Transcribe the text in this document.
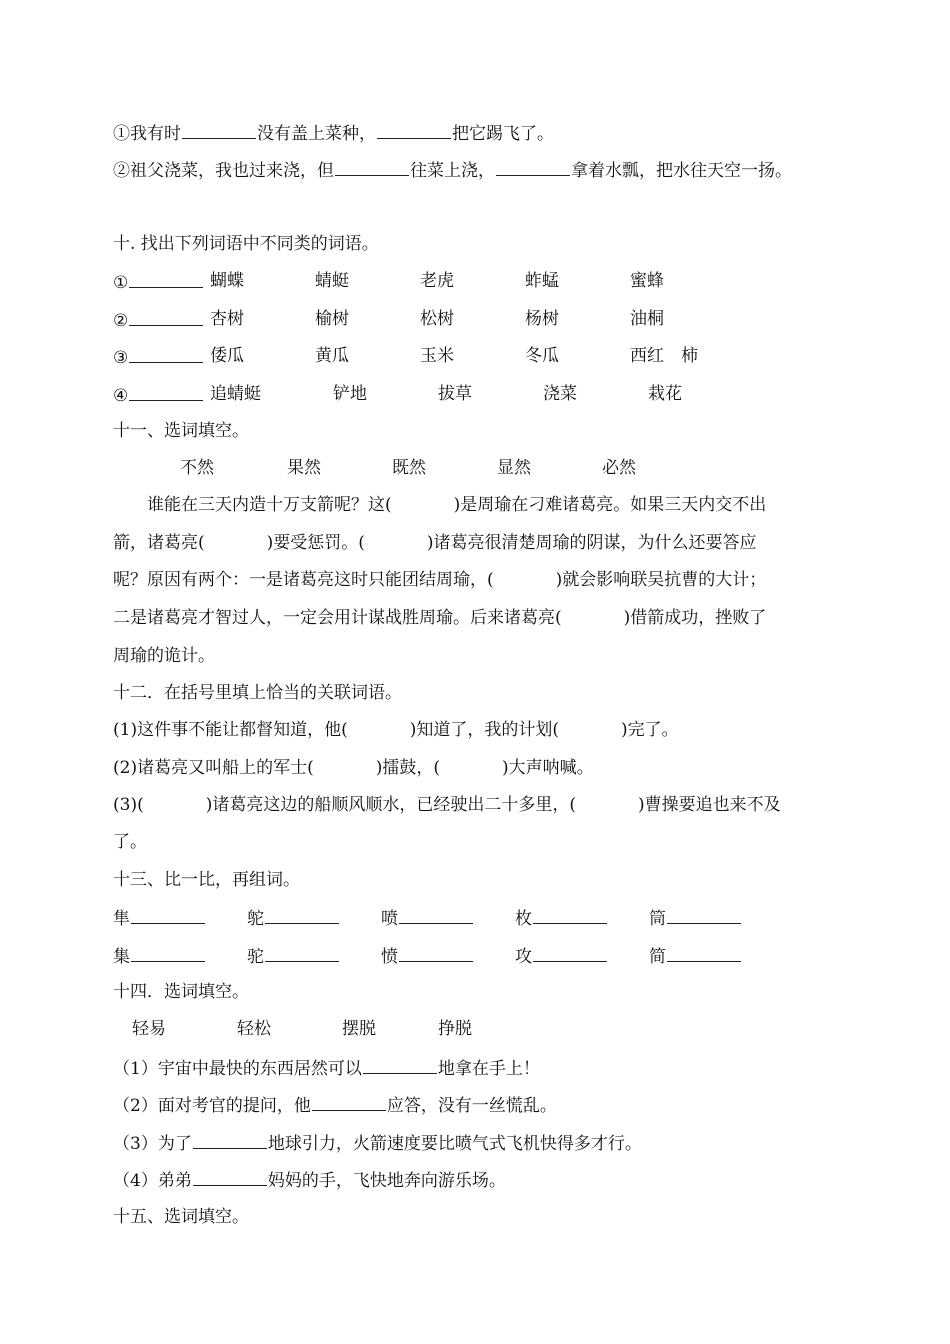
①我有时	没有盖上菜种，	把它踢飞了。
②祖父浇菜，我也过来浇，但	往菜上浇，	拿着水瓢，把水往天空一扬。
十. 找出下列词语中不同类的词语。
①	蝴蝶	蜻蜓	老虎	蚱蜢	蜜蜂
②	杏树	榆树	松树	杨树	油桐
③	倭瓜	黄瓜	玉米	冬瓜	西红　柿
④	追蜻蜓	铲地	拔草	浇菜	栽花
十一、选词填空。
不然	果然	既然	显然	必然
谁能在三天内造十万支箭呢？这(	)是周瑜在刁难诸葛亮。如果三天内交不出
箭，诸葛亮(	)要受惩罚。(	)诸葛亮很清楚周瑜的阴谋，为什么还要答应
呢？原因有两个：一是诸葛亮这时只能团结周瑜，(	)就会影响联吴抗曹的大计；
二是诸葛亮才智过人，一定会用计谋战胜周瑜。后来诸葛亮(	)借箭成功，挫败了
周瑜的诡计。
十二．在括号里填上恰当的关联词语。
(1)这件事不能让都督知道，他(	)知道了，我的计划(	)完了。
(2)诸葛亮又叫船上的军士(	)擂鼓，(	)大声呐喊。
(3)(	)诸葛亮这边的船顺风顺水，已经驶出二十多里，(	)曹操要追也来不及
了。
十三、比一比，再组词。
隼	鸵	喷	枚	筒
集	驼	愤	攻	简
十四．选词填空。
轻易	轻松	摆脱	挣脱
（1）宇宙中最快的东西居然可以	地拿在手上！
（2）面对考官的提问，他	应答，没有一丝慌乱。
（3）为了	地球引力，火箭速度要比喷气式飞机快得多才行。
（4）弟弟	妈妈的手，飞快地奔向游乐场。
十五、选词填空。
